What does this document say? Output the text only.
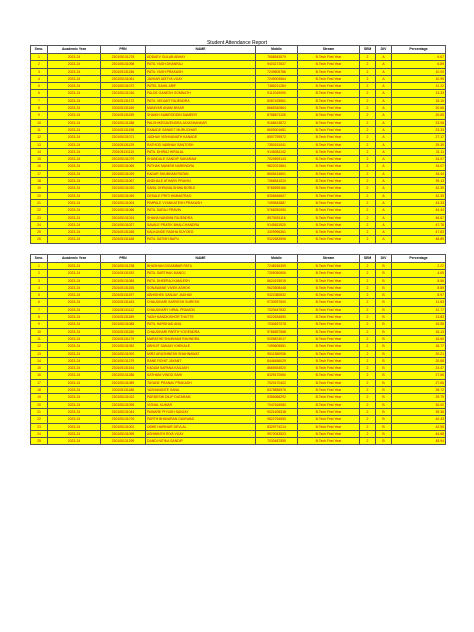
Student Attendance Report
Srno.	Academic Year	PRN	NAME	Mobile	Stream	SEM	DIV	Percentage
1	2023-24	230105131278	ADDAEV GULAB ABHAY	7658543579	B.Tech First Year	2	A	6.67
2	2023-24	230105131098	PATIL YASH DHANRAJ	9403172637	B.Tech First Year	2	A	6.89
3	2023-24	230105131156	PATIL YASH PRAKASH	7249505786	B.Tech First Year	2	A	10.00
4	2023-24	230105131061	JAVKAR ADITYA VIJAY	7249003564	B.Tech First Year	2	A	10.99
5	2023-24	230105131072	PATEL SAHIL ARIF	7385211284	B.Tech First Year	2	A	12.22
6	2023-24	230105131016	FALDE GANESH SOMNATH	9112049090	B.Tech First Year	2	A	13.33
7	2023-24	230105131172	PATIL VEDANT RAJENDRA	8087425561	B.Tech First Year	2	A	15.15
8	2023-24	230105131169	MANIYAR ANAM NISAR	8669340864	B.Tech First Year	2	A	20.65
9	2023-24	230105131159	SHAIKH KABIRODDIN SAMEER	8788671105	B.Tech First Year	2	A	20.65
10	2023-24	230105131288	PALSHIKESAVENDRA JAYASHANKAR	9168413872	B.Tech First Year	2	A	23.08
11	2023-24	230105131198	RANADE SANKET MURLIDHAR	8605301681	B.Tech First Year	2	A	23.33
12	2023-24	230105131071	JADHAV VISHVANATH KANADE	8507759572	B.Tech First Year	2	A	27.17
13	2023-24	230105131129	RATHOD VAIBHAV SANTOSH	7350151041	B.Tech First Year	2	A	29.35
14	2023-24	230105131110	PATIL DHIRAJ HIRALAL	9146081142	B.Tech First Year	2	A	31.11
15	2023-24	230105131079	KHANDALE SANDIP SAKARAM	7020593143	B.Tech First Year	2	A	34.07
16	2023-24	230105131065	PATHAK MANISH NARENDRA	9822021864	B.Tech First Year	2	A	34.07
17	2023-24	230105131029	KADAR SHUBHAM RATAN	8605414801	B.Tech First Year	2	A	34.44
18	2023-24	230105131067	ANDHALE ATHARV PRAVIN	7066541020	B.Tech First Year	2	A	39.13
19	2023-24	230105131020	SANIL DHRAVALSHWA BORLE	9766595166	B.Tech First Year	2	A	42.39
20	2023-24	230105131049	DESALE PRITI HIMMATRAO	8308466607	B.Tech First Year	2	A	42.39
21	2023-24	230105131004	PIMPALE VYANKATESH PRAKASH	7499543887	B.Tech First Year	2	A	43.33
22	2023-24	230105131066	PATIL SARAJ PRAVIN	9768250050	B.Tech First Year	2	A	44.44
23	2023-24	230105131024	SHAHA NANDINI RAJENDRA	8975051116	B.Tech First Year	2	A	46.67
24	2023-24	230105131027	SAVALE PRATIK BHALCHANDRA	9145811520	B.Tech First Year	2	A	47.78
25	2023-24	230105131168	KALKUNDE RADHA SUYOEG	3309996261	B.Tech First Year	2	A	47.83
26	2023-24	230105131168	PATIL SATISH BAPU	9322683596	B.Tech First Year	2	A	48.89
Srno.	Academic Year	PRN	NAME	Mobile	Stream	SEM	DIV	Percentage
1	2023-24	230105131238	BHUSHAN DIGAMBAR PATIL	7248246309	B.Tech First Year	2	B	2.22
2	2023-24	230105131192	PATIL SARTHAK MANOJ	7305050606	B.Tech First Year	2	B	4.65
3	2023-24	230105131084	PATIL DHEERAJ KAMLESH	8624193019	B.Tech First Year	2	B	5.56
4	2023-24	230105131155	SONAWANE VIVEK ASHOK	9623508448	B.Tech First Year	2	B	8.89
5	2023-24	230105131197	ABHISHEK SANJAY JADHAV	9322380832	B.Tech First Year	2	B	8.97
6	2023-24	230105131163	CHAUDHARI SARVESH SURESH	9730937500	B.Tech First Year	2	B	11.83
7	2023-24	230105131112	CHAUDHARY HIRAL PRAMOD	7020447832	B.Tech First Year	2	B	12.77
8	2023-24	230105131189	YASH NANDKISHOR THUTTE	9022634650	B.Tech First Year	2	B	13.83
9	2023-24	230105131085	PATIL HARSHAD ANIL	7030637078	B.Tech First Year	2	B	15.55
10	2023-24	230105131150	CHAUDHARI PARTH YOGENDRA	9766557568	B.Tech First Year	2	B	16.13
11	2023-24	230105131179	MARATHE SHUBHAM RAVINDRA	9209874017	B.Tech First Year	2	B	16.60
12	2023-24	230105131052	ABHIJIT SANJAY KHEKALE	7499605551	B.Tech First Year	2	B	18.77
13	2023-24	230105131092	MIRZ ARUSHNESH SHAHNAWAT	9511380936	B.Tech First Year	2	B	20.21
14	2023-24	230105131279	RANE ROHIT JAYANT	8446456029	B.Tech First Year	2	B	20.88
15	2023-24	230105131154	KADAM SAPANA KAILASH	8669454520	B.Tech First Year	2	B	24.47
16	2023-24	230105131286	SATHANI VINOD SAHI	8329170060	B.Tech First Year	2	B	27.66
17	2023-24	230105131089	TAYADE PRANAV PRAKASH	7020170402	B.Tech First Year	2	B	27.66
18	2023-24	230105131188	YASHAVANTE SANIL	8375856976	B.Tech First Year	2	B	28.72
19	2023-24	230105131022	PARDESHI DILIP DATARAM	9356968292	B.Tech First Year	2	B	29.79
20	2023-24	230105131095	VISHAL KUMAR	7047616080	B.Tech First Year	2	B	30.00
21	2023-24	230105131041	PAWARE PIYUSH SANJAY	9021405318	B.Tech First Year	2	B	39.36
22	2023-24	230105131076	PARTH BHAVARAN GAIKWAD	9822764550	B.Tech First Year	2	B	40.43
23	2023-24	230105131002	UBHE HARIHAR DEVLAL	8329774214	B.Tech First Year	2	B	42.55
24	2023-24	230105131099	ASHWINTH RIYA VIJAY	9970043523	B.Tech First Year	2	B	44.68
25	2023-24	230105131299	DANDI NITIKA SANDIP	7030487555	B.Tech First Year	2	B	48.94
